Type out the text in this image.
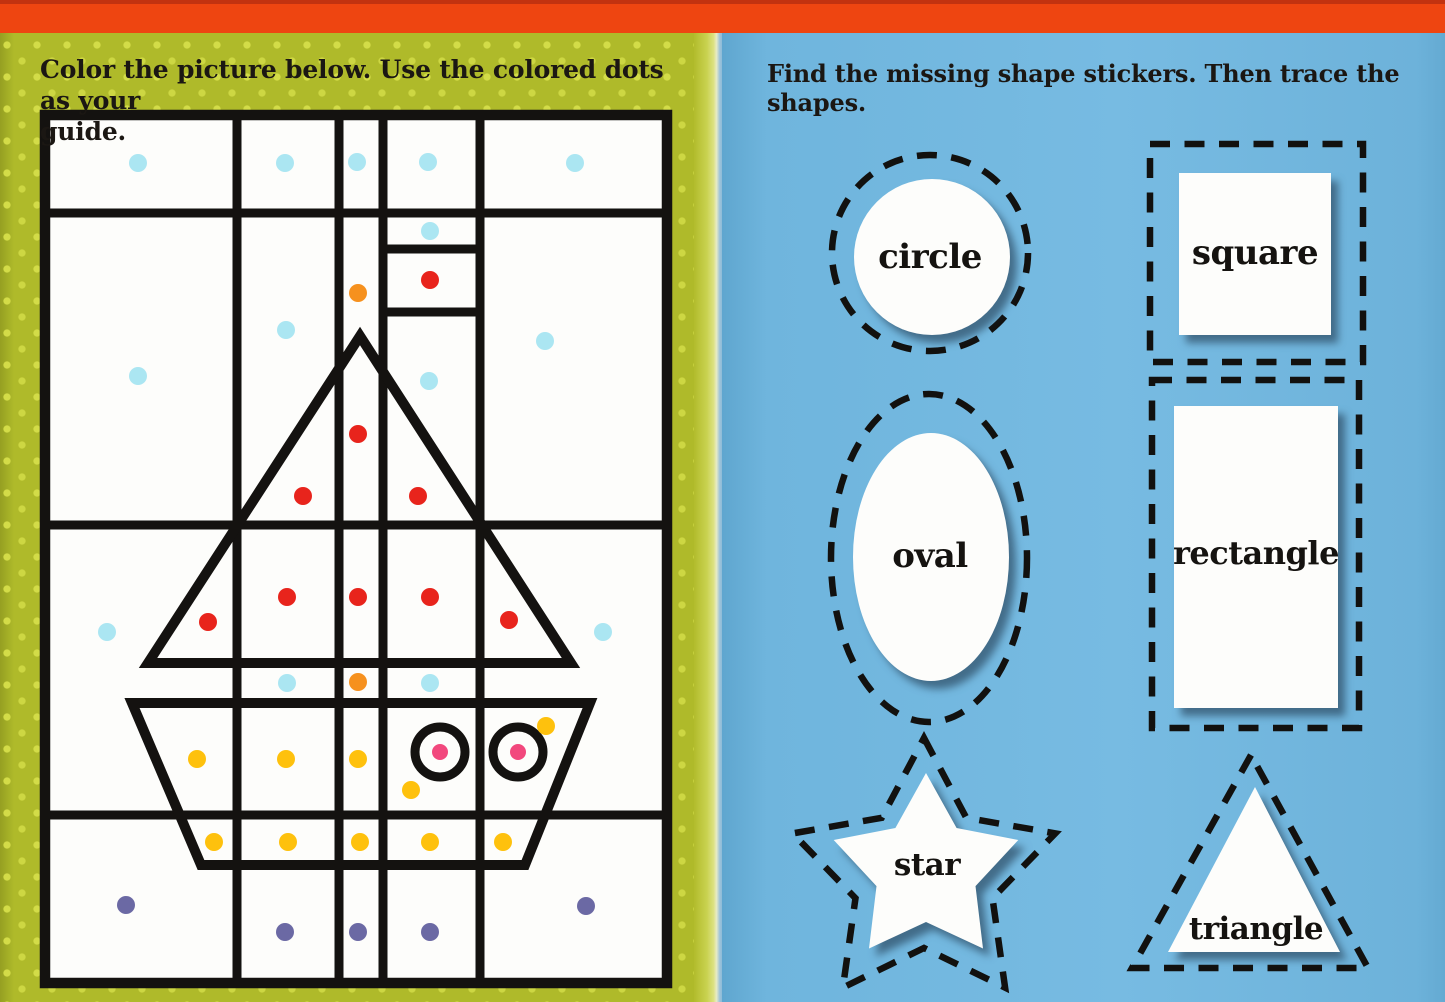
Color the picture below. Use the colored dots as your
guide.
Find the missing shape stickers. Then trace the shapes.
circle	square
oval	rectangle
star
triangle
